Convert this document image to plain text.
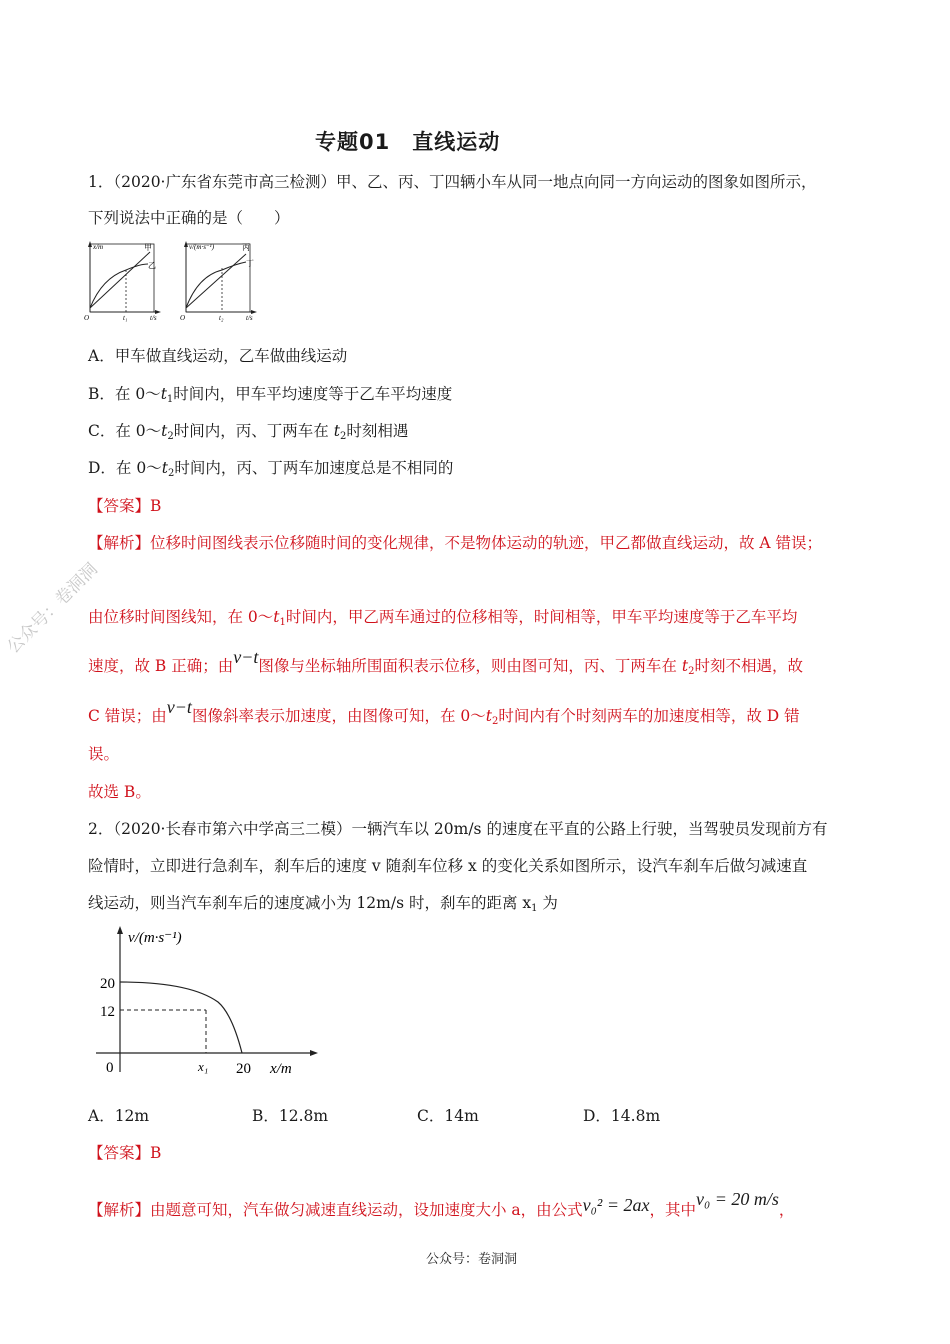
专题01　直线运动
公众号：卷洞洞
1．（2020·广东省东莞市高三检测）甲、乙、丙、丁四辆小车从同一地点向同一方向运动的图象如图所示，
下列说法中正确的是（　　）
x/m	甲
乙
O	t₁	t/s
v/(m·s⁻¹)	丙
丁
O	t₂	t/s
A．甲车做直线运动，乙车做曲线运动
B．在 $0\sim t_1$时间内，甲车平均速度等于乙车平均速度
C．在 $0\sim t_2$时间内，丙、丁两车在 $t_2$时刻相遇
D．在 $0\sim t_2$时间内，丙、丁两车加速度总是不相同的
【答案】B
【解析】位移时间图线表示位移随时间的变化规律，不是物体运动的轨迹，甲乙都做直线运动，故 A 错误；
由位移时间图线知，在 $0\sim t_1$时间内，甲乙两车通过的位移相等，时间相等，甲车平均速度等于乙车平均
速度，故 B 正确；由v−t图像与坐标轴所围面积表示位移，则由图可知，丙、丁两车在 $t_2$时刻不相遇，故
C 错误；由v−t图像斜率表示加速度，由图像可知，在 $0\sim t_2$时间内有个时刻两车的加速度相等，故 D 错
误。
故选 B。
2．（2020·长春市第六中学高三二模）一辆汽车以 20m/s 的速度在平直的公路上行驶，当驾驶员发现前方有
险情时，立即进行急刹车，刹车后的速度 v 随刹车位移 x 的变化关系如图所示，设汽车刹车后做匀减速直
线运动，则当汽车刹车后的速度减小为 12m/s 时，刹车的距离 $x_1$ 为
v/(m·s⁻¹)
20
12
0	x₁ 20 x/m
A．12m	B．12.8m	C．14m	D．14.8m
【答案】B
【解析】由题意可知，汽车做匀减速直线运动，设加速度大小 a，由公式v₀² = 2ax，其中v₀ = 20 m/s，
公众号：卷洞洞
